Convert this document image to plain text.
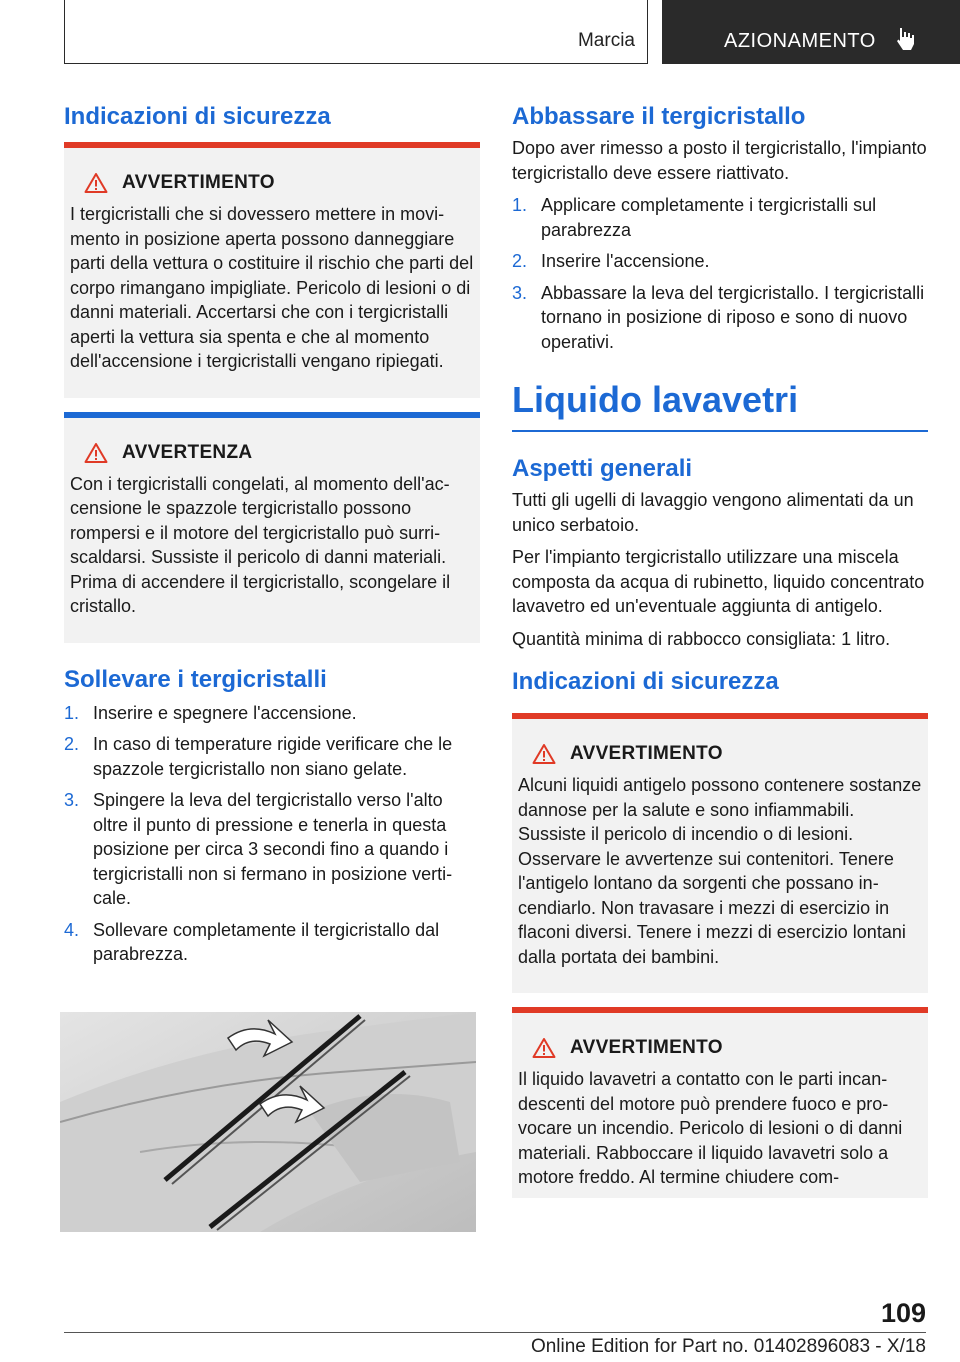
Marcia	AZIONAMENTO
Indicazioni di sicurezza
AVVERTIMENTO

I tergicristalli che si dovessero mettere in movimento in posizione aperta possono danneggiare parti della vettura o costituire il rischio che parti del corpo rimangano impigliate. Pericolo di lesioni o di danni materiali. Accertarsi che con i tergicristalli aperti la vettura sia spenta e che al momento dell'accensione i tergicristalli vengano ripiegati.

AVVERTENZA

Con i tergicristalli congelati, al momento dell'accensione le spazzole tergicristallo possono rompersi e il motore del tergicristallo può surriscaldarsi. Sussiste il pericolo di danni materiali. Prima di accendere il tergicristallo, scongelare il cristallo.

Sollevare i tergicristalli
1. Inserire e spegnere l'accensione.
2. In caso di temperature rigide verificare che le spazzole tergicristallo non siano gelate.
3. Spingere la leva del tergicristallo verso l'alto oltre il punto di pressione e tenerla in questa posizione per circa 3 secondi fino a quando i tergicristalli non si fermano in posizione verticale.
4. Sollevare completamente il tergicristallo dal parabrezza.
Abbassare il tergicristallo

Dopo aver rimesso a posto il tergicristallo, l'impianto tergicristallo deve essere riattivato.

1. Applicare completamente i tergicristalli sul parabrezza
2. Inserire l'accensione.
3. Abbassare la leva del tergicristallo. I tergicristalli tornano in posizione di riposo e sono di nuovo operativi.
Liquido lavavetri
Aspetti generali

Tutti gli ugelli di lavaggio vengono alimentati da un unico serbatoio.

Per l'impianto tergicristallo utilizzare una miscela composta da acqua di rubinetto, liquido concentrato lavavetro ed un'eventuale aggiunta di antigelo.

Quantità minima di rabbocco consigliata: 1 litro.

Indicazioni di sicurezza
AVVERTIMENTO

Alcuni liquidi antigelo possono contenere sostanze dannose per la salute e sono infiammabili. Sussiste il pericolo di incendio o di lesioni. Osservare le avvertenze sui contenitori. Tenere l'antigelo lontano da sorgenti che possano incendiarlo. Non travasare i mezzi di esercizio in flaconi diversi. Tenere i mezzi di esercizio lontani dalla portata dei bambini.

AVVERTIMENTO

Il liquido lavavetri a contatto con le parti incandescenti del motore può prendere fuoco e provocare un incendio. Pericolo di lesioni o di danni materiali. Rabboccare il liquido lavavetri solo a motore freddo. Al termine chiudere com-

109
Online Edition for Part no. 01402896083 - X/18
